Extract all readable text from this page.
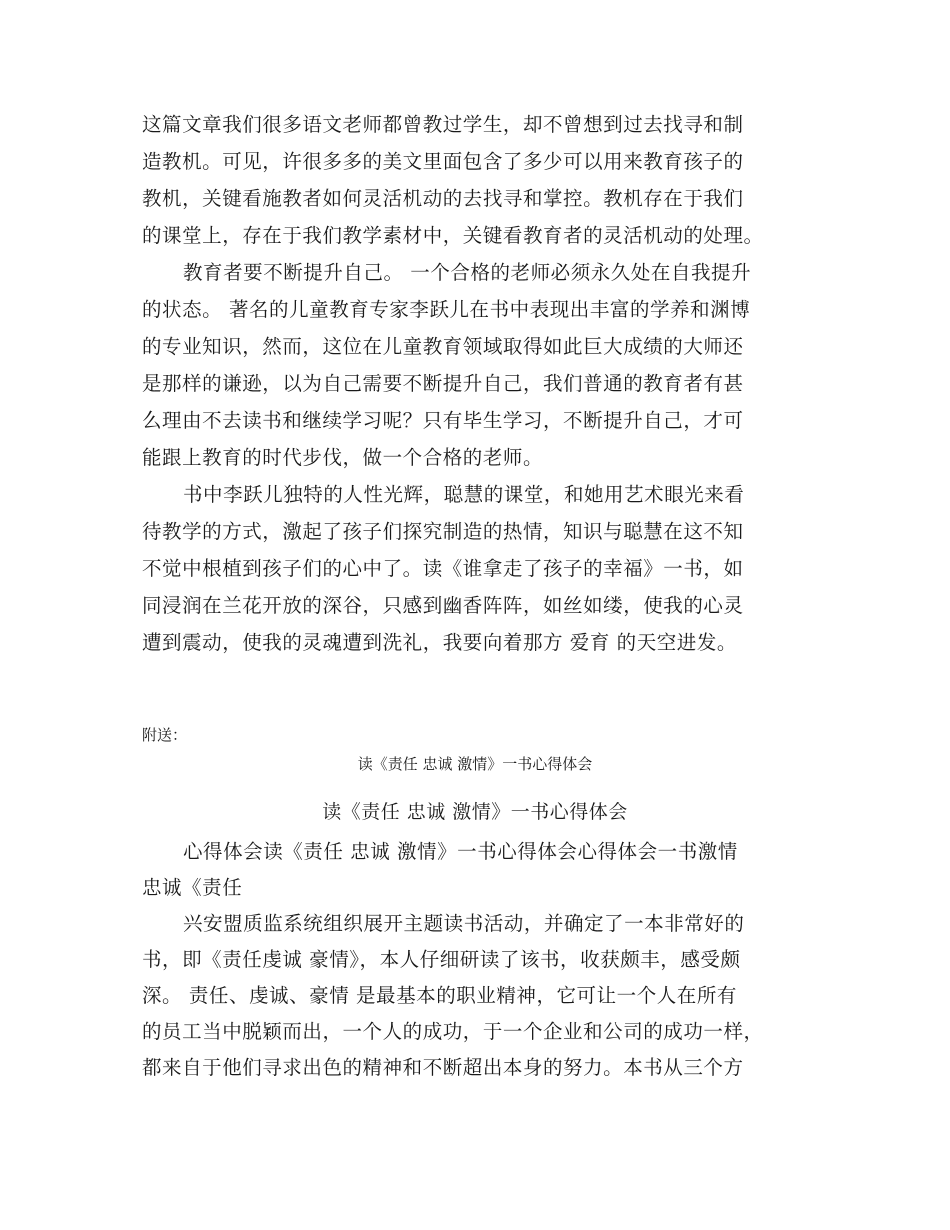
这篇文章我们很多语文老师都曾教过学生，却不曾想到过去找寻和制
造教机。可见，许很多多的美文里面包含了多少可以用来教育孩子的
教机，关键看施教者如何灵活机动的去找寻和掌控。教机存在于我们
的课堂上，存在于我们教学素材中，关键看教育者的灵活机动的处理。
教育者要不断提升自己。 一个合格的老师必须永久处在自我提升
的状态。 著名的儿童教育专家李跃儿在书中表现出丰富的学养和渊博
的专业知识，然而，这位在儿童教育领域取得如此巨大成绩的大师还
是那样的谦逊，以为自己需要不断提升自己，我们普通的教育者有甚
么理由不去读书和继续学习呢？只有毕生学习，不断提升自己，才可
能跟上教育的时代步伐，做一个合格的老师。
书中李跃儿独特的人性光辉，聪慧的课堂，和她用艺术眼光来看
待教学的方式，激起了孩子们探究制造的热情，知识与聪慧在这不知
不觉中根植到孩子们的心中了。读《谁拿走了孩子的幸福》一书，如
同浸润在兰花开放的深谷，只感到幽香阵阵，如丝如缕，使我的心灵
遭到震动，使我的灵魂遭到洗礼，我要向着那方 爱育 的天空进发。
附送：
读《责任 忠诚 激情》一书心得体会
读《责任 忠诚 激情》一书心得体会
心得体会读《责任 忠诚 激情》一书心得体会心得体会一书激情
忠诚《责任
兴安盟质监系统组织展开主题读书活动，并确定了一本非常好的
书，即《责任虔诚 豪情》，本人仔细研读了该书，收获颇丰，感受颇
深。 责任、虔诚、豪情 是最基本的职业精神，它可让一个人在所有
的员工当中脱颖而出，一个人的成功，于一个企业和公司的成功一样，
都来自于他们寻求出色的精神和不断超出本身的努力。本书从三个方
